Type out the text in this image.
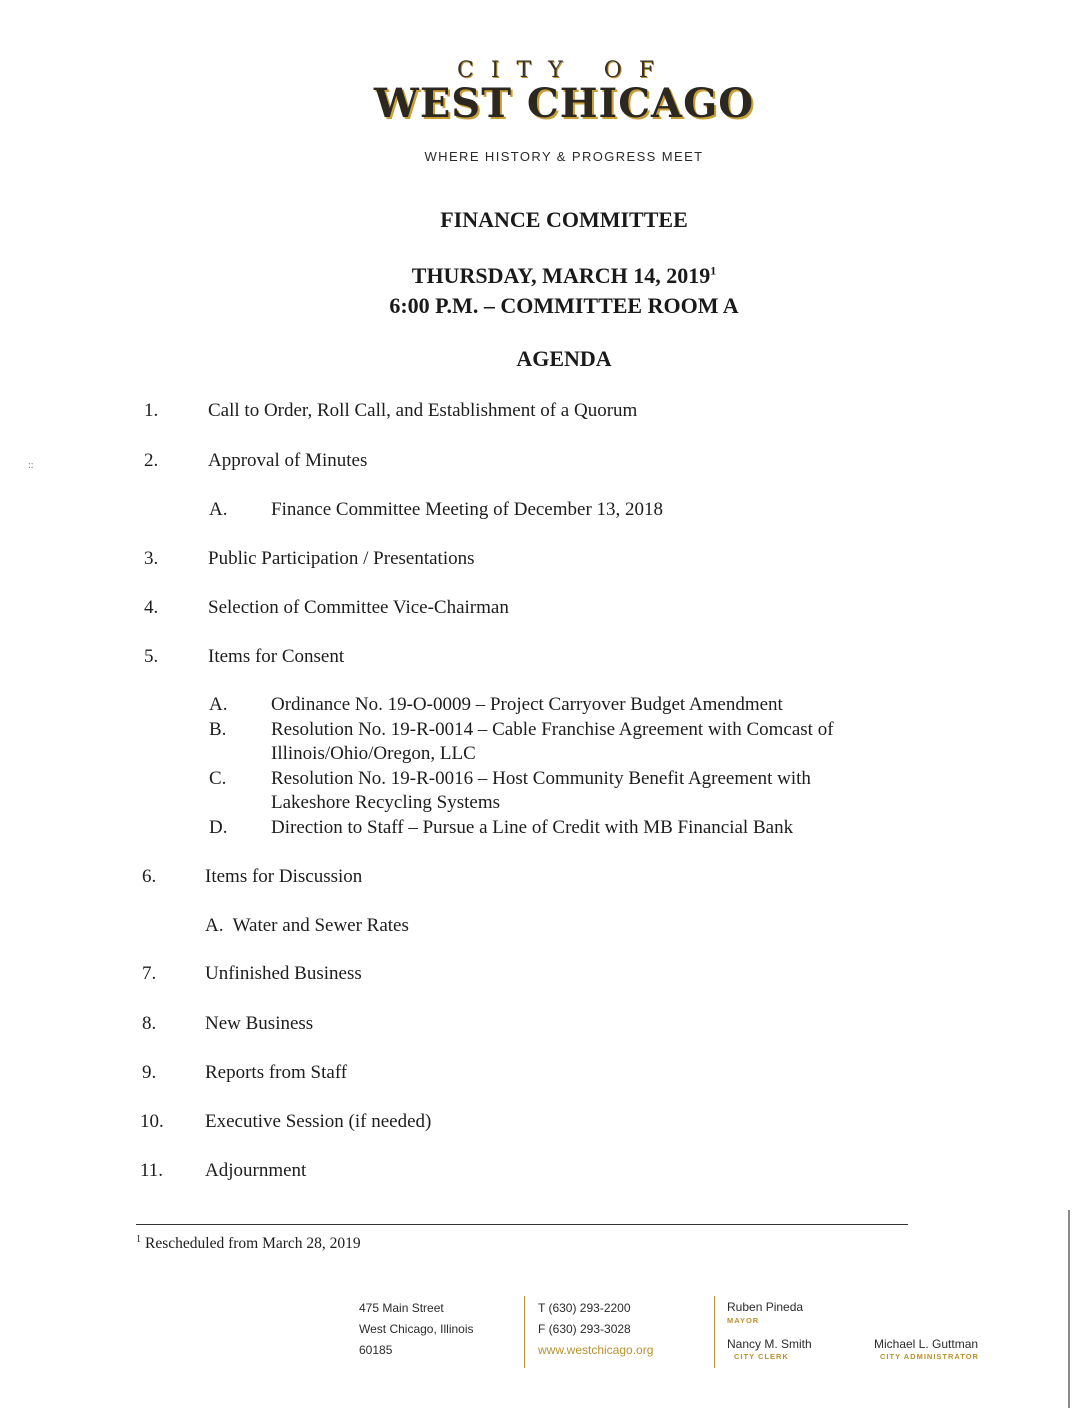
CITY OF
WEST CHICAGO
WHERE HISTORY & PROGRESS MEET
FINANCE COMMITTEE
THURSDAY, MARCH 14, 2019$^1$
6:00 P.M. – COMMITTEE ROOM A
AGENDA
::
1.	Call to Order, Roll Call, and Establishment of a Quorum
2.	Approval of Minutes
A. Finance Committee Meeting of December 13, 2018
3.	Public Participation / Presentations
4.	Selection of Committee Vice-Chairman
5.	Items for Consent
A. Ordinance No. 19-O-0009 – Project Carryover Budget Amendment
B. Resolution No. 19-R-0014 – Cable Franchise Agreement with Comcast of
Illinois/Ohio/Oregon, LLC
C. Resolution No. 19-R-0016 – Host Community Benefit Agreement with
Lakeshore Recycling Systems
D. Direction to Staff – Pursue a Line of Credit with MB Financial Bank
6.	Items for Discussion
A.  Water and Sewer Rates
7.	Unfinished Business
8.	New Business
9.	Reports from Staff
10. Executive Session (if needed)
11. Adjournment
$^1$ Rescheduled from March 28, 2019
475 Main Street
West Chicago, Illinois
60185
T (630) 293-2200
F (630) 293-3028
www.westchicago.org
Ruben Pineda
MAYOR
Nancy M. Smith
CITY CLERK
Michael L. Guttman
CITY ADMINISTRATOR
